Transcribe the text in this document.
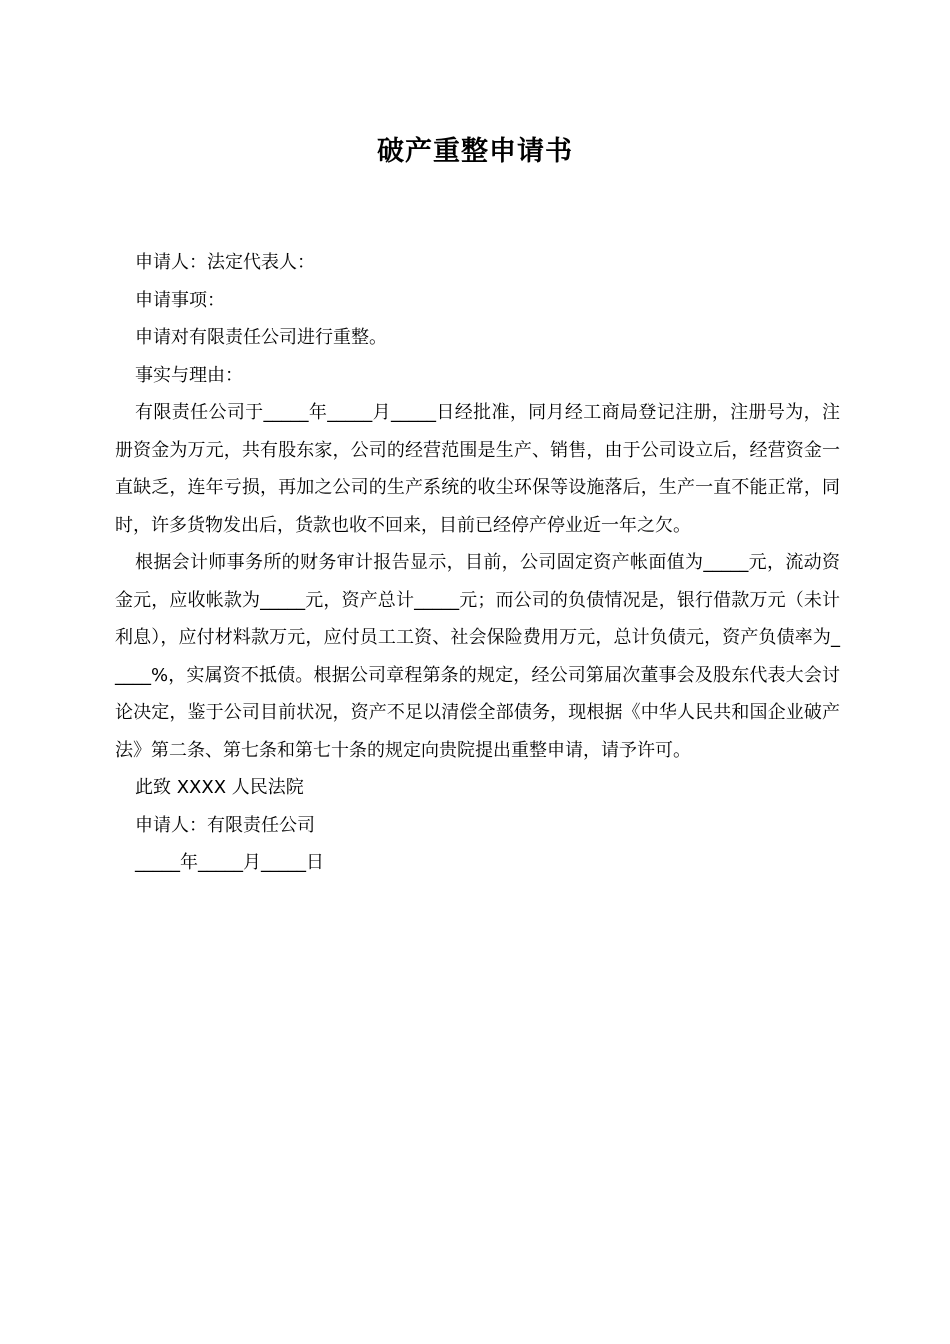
破产重整申请书

申请人：法定代表人：

申请事项：

申请对有限责任公司进行重整。

事实与理由：

有限责任公司于_____年_____月_____日经批准，同月经工商局登记注册，注册号为，注册资金为万元，共有股东家，公司的经营范围是生产、销售，由于公司设立后，经营资金一直缺乏，连年亏损，再加之公司的生产系统的收尘环保等设施落后，生产一直不能正常，同时，许多货物发出后，货款也收不回来，目前已经停产停业近一年之欠。

根据会计师事务所的财务审计报告显示，目前，公司固定资产帐面值为_____元，流动资金元，应收帐款为_____元，资产总计_____元；而公司的负债情况是，银行借款万元（未计利息），应付材料款万元，应付员工工资、社会保险费用万元，总计负债元，资产负债率为_____%，实属资不抵债。根据公司章程第条的规定，经公司第届次董事会及股东代表大会讨论决定，鉴于公司目前状况，资产不足以清偿全部债务，现根据《中华人民共和国企业破产法》第二条、第七条和第七十条的规定向贵院提出重整申请，请予许可。

此致 XXXX 人民法院

申请人：有限责任公司

_____年_____月_____日
